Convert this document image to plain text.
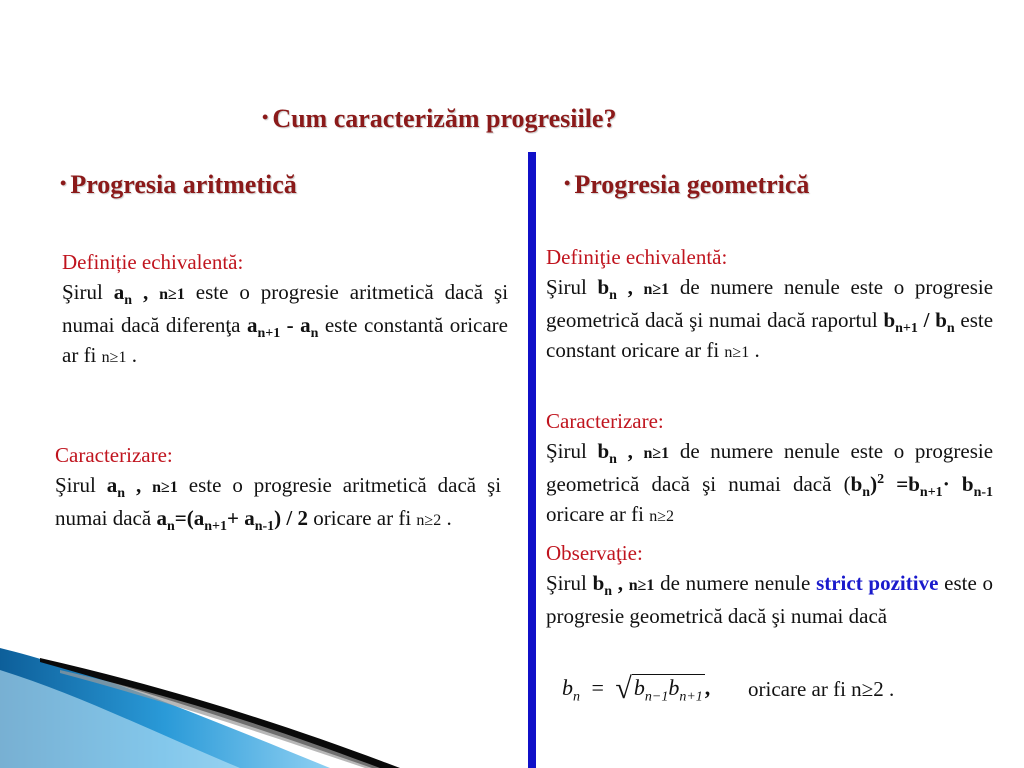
• Cum caracterizăm progresiile?
• Progresia aritmetică	• Progresia geometrică
Definiție echivalentă:
Şirul $a_n$ , n≥1 este o progresie aritmetică dacă şi numai dacă diferenţa $a_{n+1} - a_n$ este constantă oricare ar fi n≥1 .
Caracterizare:
Şirul $a_n$ , n≥1 este o progresie aritmetică dacă şi numai dacă $a_n=(a_{n+1}+ a_{n-1}) / 2$ oricare ar fi n≥2 .
Definiţie echivalentă:
Şirul $b_n$ , n≥1 de numere nenule este o progresie geometrică dacă şi numai dacă raportul $b_{n+1} / b_n$ este constant oricare ar fi n≥1 .
Caracterizare:
Şirul $b_n$ , n≥1 de numere nenule este o progresie geometrică dacă şi numai dacă $(b_n)^2 =b_{n+1}\cdot b_{n-1}$ oricare ar fi n≥2
Observaţie:
Şirul $b_n$ , n≥1 de numere nenule strict pozitive este o progresie geometrică dacă şi numai dacă
$b_n = √b_{n-1}b_{n+1}$, oricare ar fi n≥2 .
